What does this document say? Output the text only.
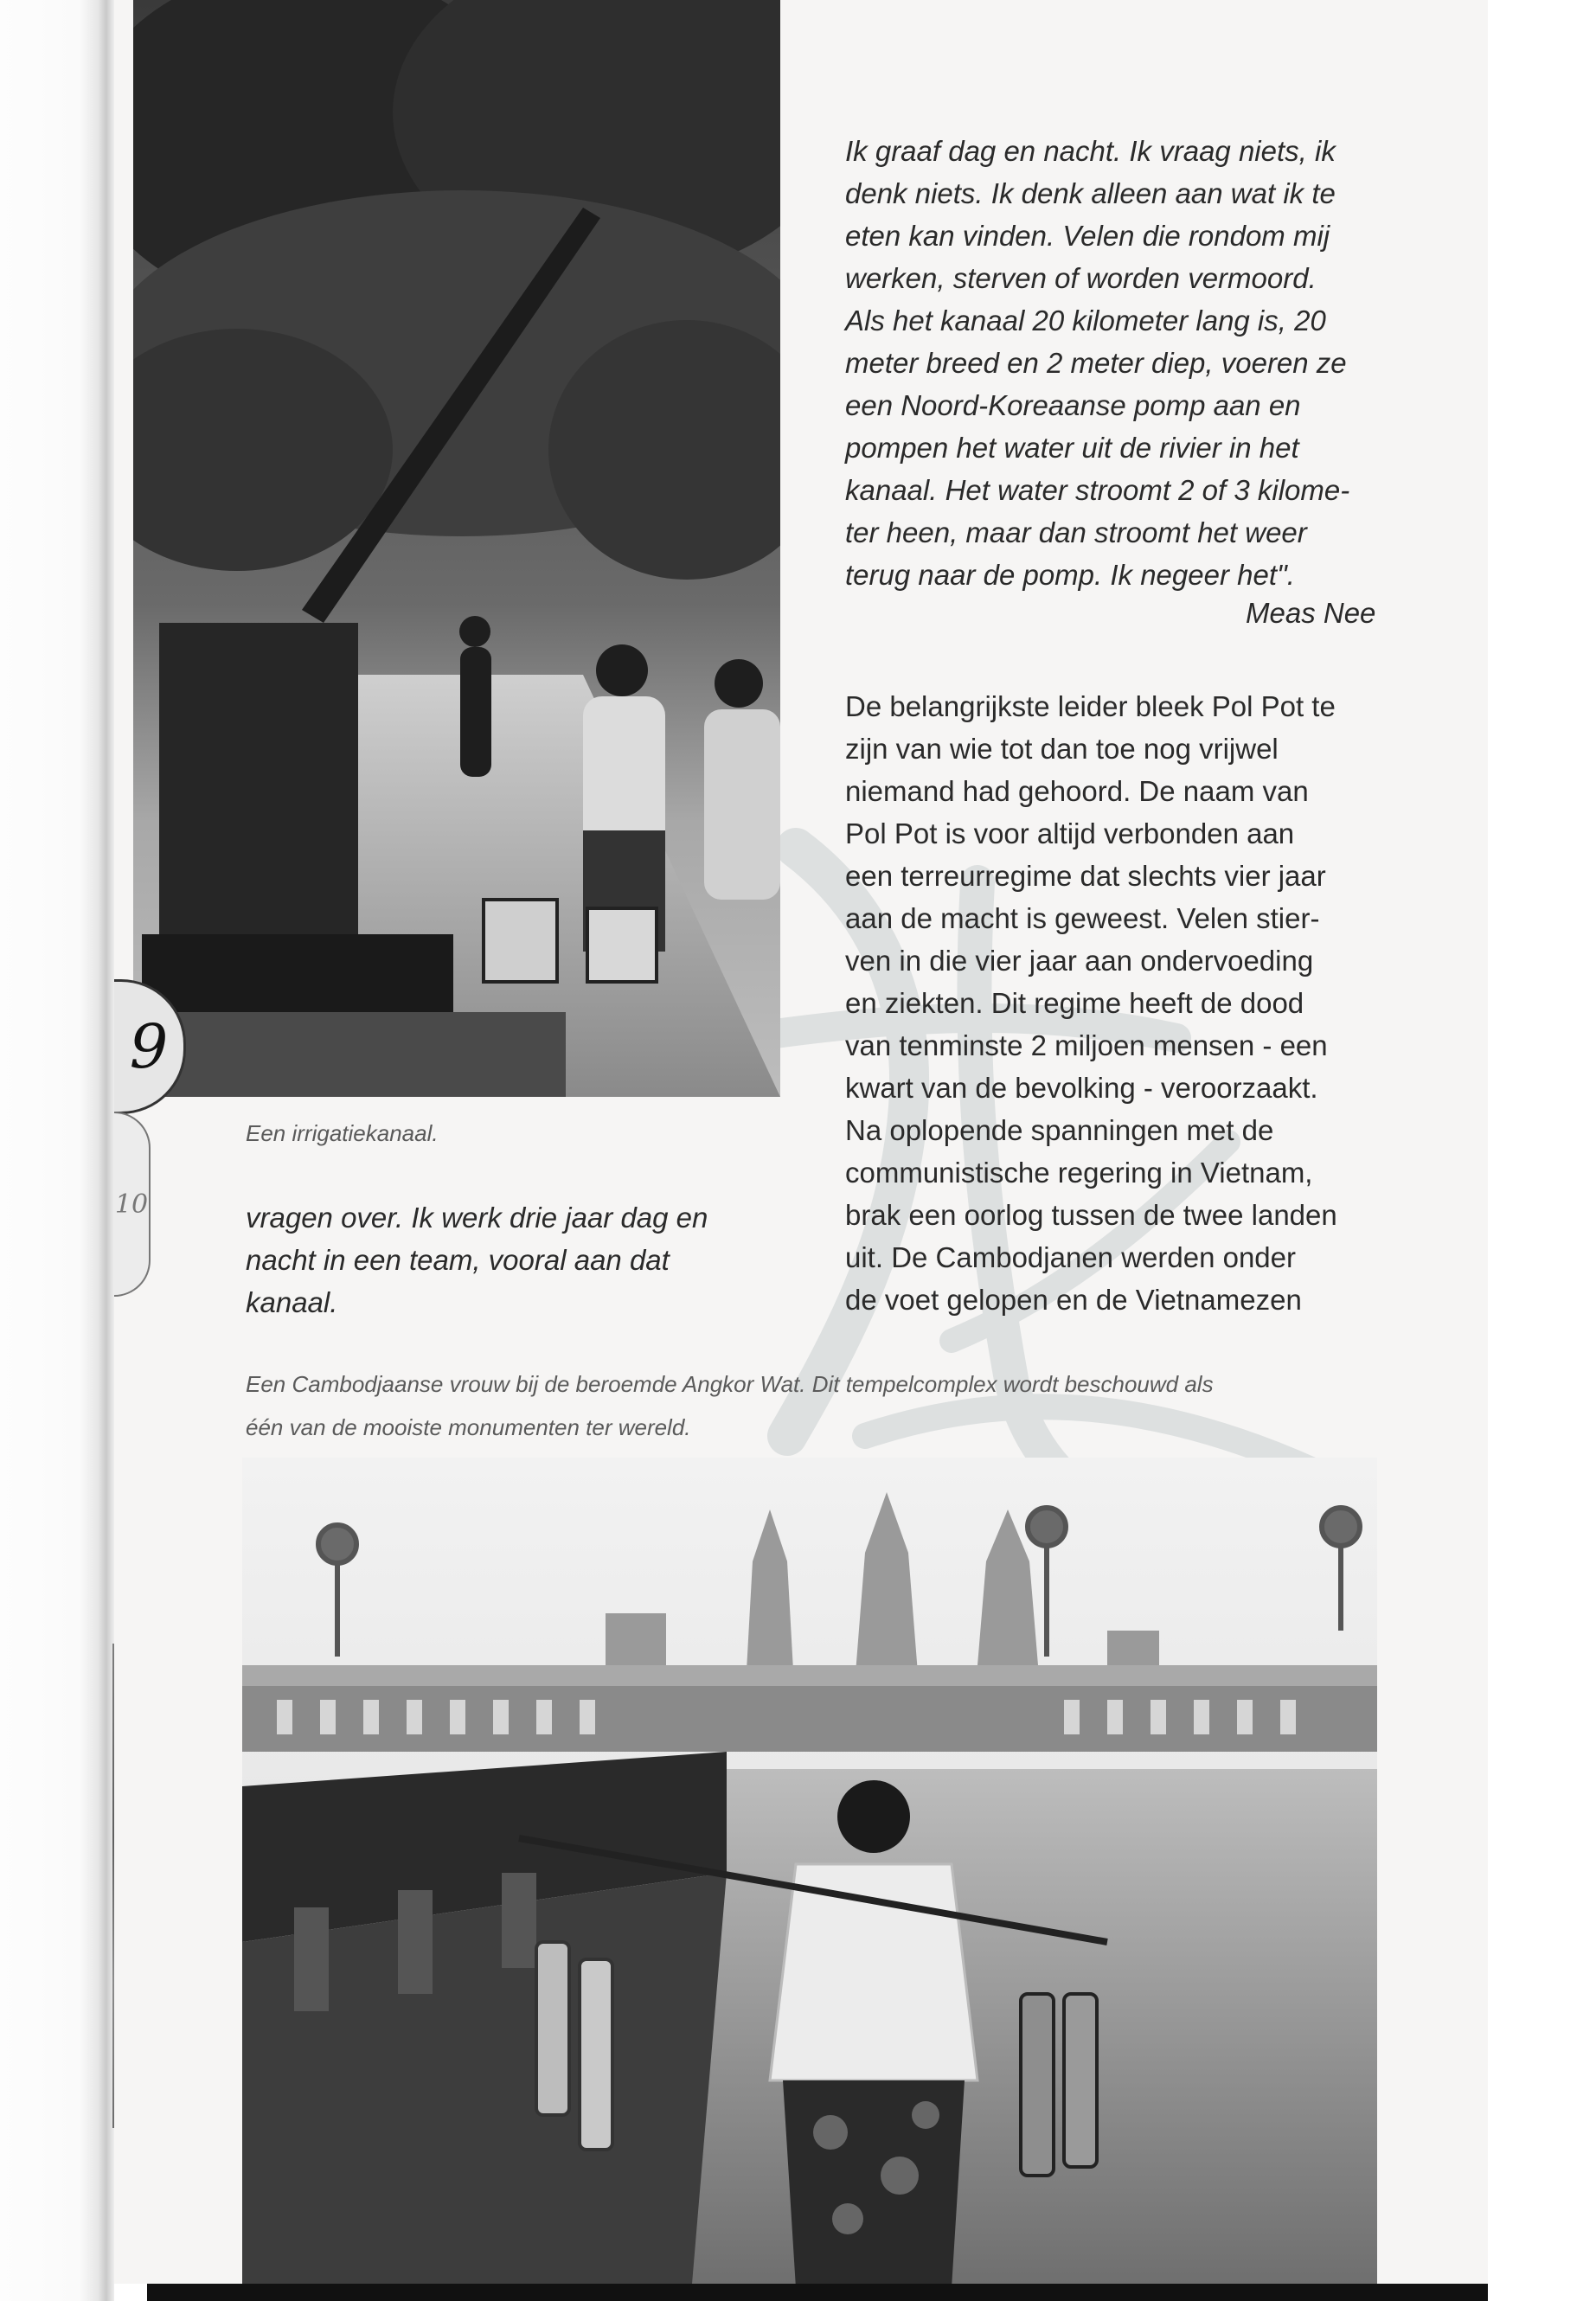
9
10
Een irrigatiekanaal.
Ik graaf dag en nacht. Ik vraag niets, ik
denk niets. Ik denk alleen aan wat ik te
eten kan vinden. Velen die rondom mij
werken, sterven of worden vermoord.
Als het kanaal 20 kilometer lang is, 20
meter breed en 2 meter diep, voeren ze
een Noord-Koreaanse pomp aan en
pompen het water uit de rivier in het
kanaal. Het water stroomt 2 of 3 kilome-
ter heen, maar dan stroomt het weer
terug naar de pomp. Ik negeer het".
Meas Nee
De belangrijkste leider bleek Pol Pot te
zijn van wie tot dan toe nog vrijwel
niemand had gehoord. De naam van
Pol Pot is voor altijd verbonden aan
een terreurregime dat slechts vier jaar
aan de macht is geweest. Velen stier-
ven in die vier jaar aan ondervoeding
en ziekten. Dit regime heeft de dood
van tenminste 2 miljoen mensen - een
kwart van de bevolking - veroorzaakt.
Na oplopende spanningen met de
communistische regering in Vietnam,
brak een oorlog tussen de twee landen
uit. De Cambodjanen werden onder
de voet gelopen en de Vietnamezen
vragen over. Ik werk drie jaar dag en
nacht in een team, vooral aan dat
kanaal.
Een Cambodjaanse vrouw bij de beroemde Angkor Wat. Dit tempelcomplex wordt beschouwd als
één van de mooiste monumenten ter wereld.
